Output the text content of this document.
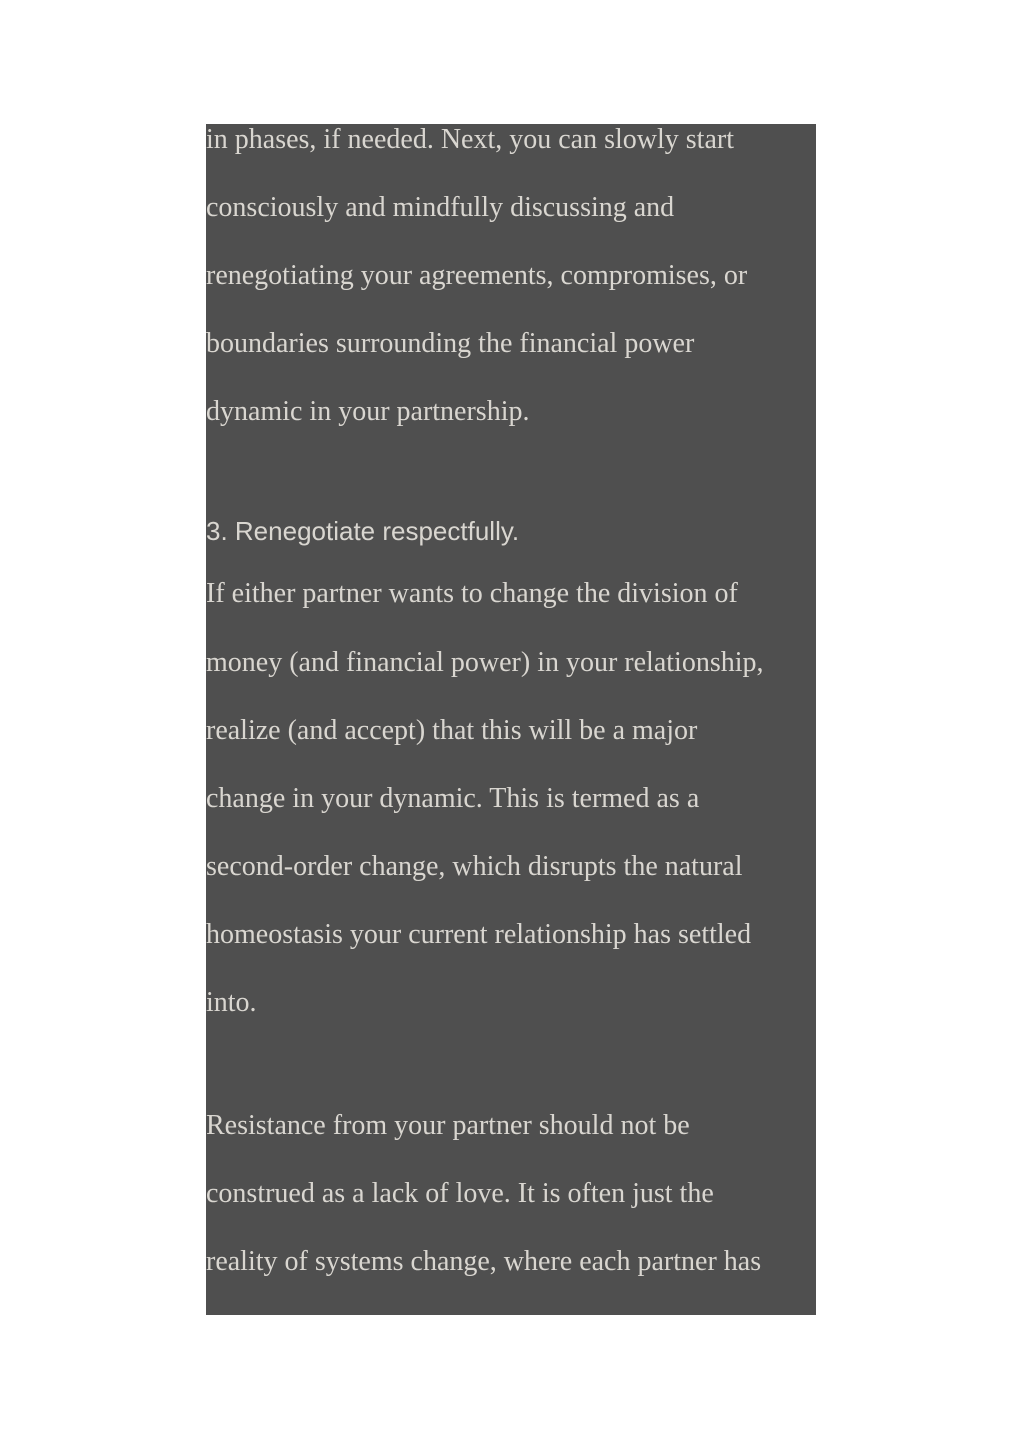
in phases, if needed. Next, you can slowly start
consciously and mindfully discussing and
renegotiating your agreements, compromises, or
boundaries surrounding the financial power
dynamic in your partnership.
3. Renegotiate respectfully.
If either partner wants to change the division of
money (and financial power) in your relationship,
realize (and accept) that this will be a major
change in your dynamic. This is termed as a
second-order change, which disrupts the natural
homeostasis your current relationship has settled
into.
Resistance from your partner should not be
construed as a lack of love. It is often just the
reality of systems change, where each partner has
